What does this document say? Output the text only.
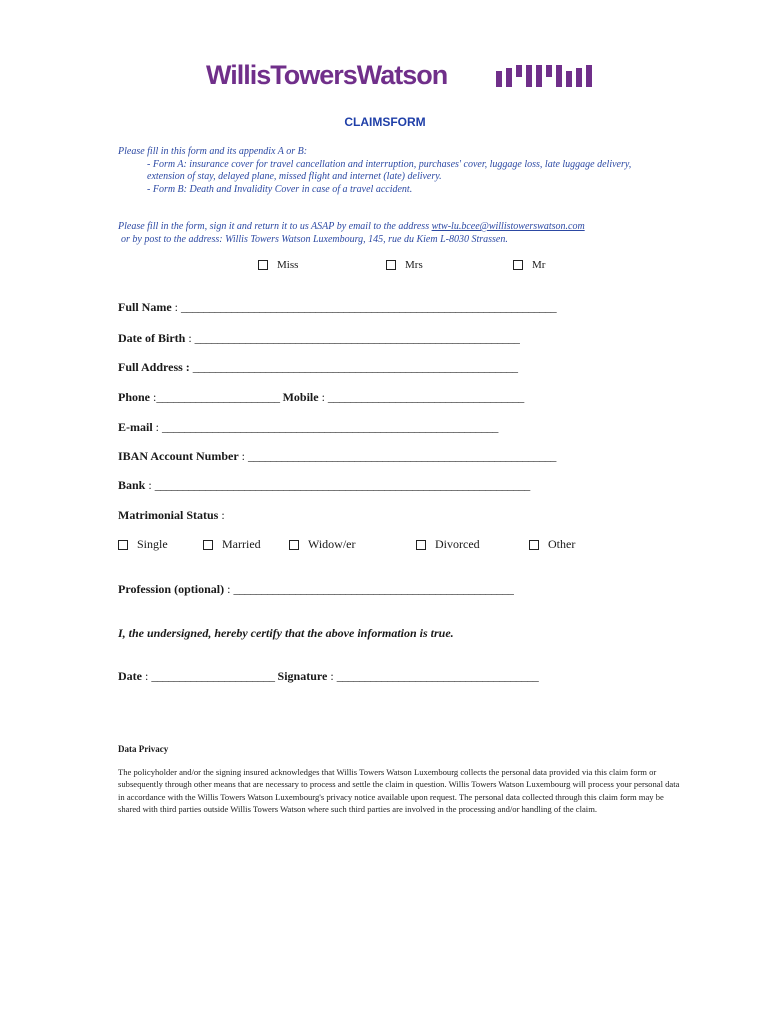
WillisTowersWatson
CLAIMSFORM

Please fill in this form and its appendix A or B:

- Form A: insurance cover for travel cancellation and interruption, purchases' cover, luggage loss, late luggage delivery, extension of stay, delayed plane, missed flight and internet (late) delivery.

- Form B: Death and Invalidity Cover in case of a travel accident.

Please fill in the form, sign it and return it to us ASAP by email to the address wtw-lu.bcee@willistowerswatson.com

or by post to the address: Willis Towers Watson Luxembourg, 145, rue du Kiem L-8030 Strassen.

Miss	Mrs	Mr
Full Name : ___________________________________________________________________
Date of Birth : __________________________________________________________
Full Address : __________________________________________________________
Phone :______________________ Mobile : ___________________________________
E-mail : ____________________________________________________________
IBAN Account Number : _______________________________________________________
Bank : ___________________________________________________________________
Matrimonial Status :
Single	Married	Widow/er	Divorced	Other
Profession (optional) : __________________________________________________
I, the undersigned, hereby certify that the above information is true.
Date : ______________________ Signature : ____________________________________
Data Privacy
The policyholder and/or the signing insured acknowledges that Willis Towers Watson Luxembourg collects the personal data provided via this claim form or subsequently through other means that are necessary to process and settle the claim in question. Willis Towers Watson Luxembourg will process your personal data in accordance with the Willis Towers Watson Luxembourg's privacy notice available upon request. The personal data collected through this claim form may be shared with third parties outside Willis Towers Watson where such third parties are involved in the processing and/or handling of the claim.
